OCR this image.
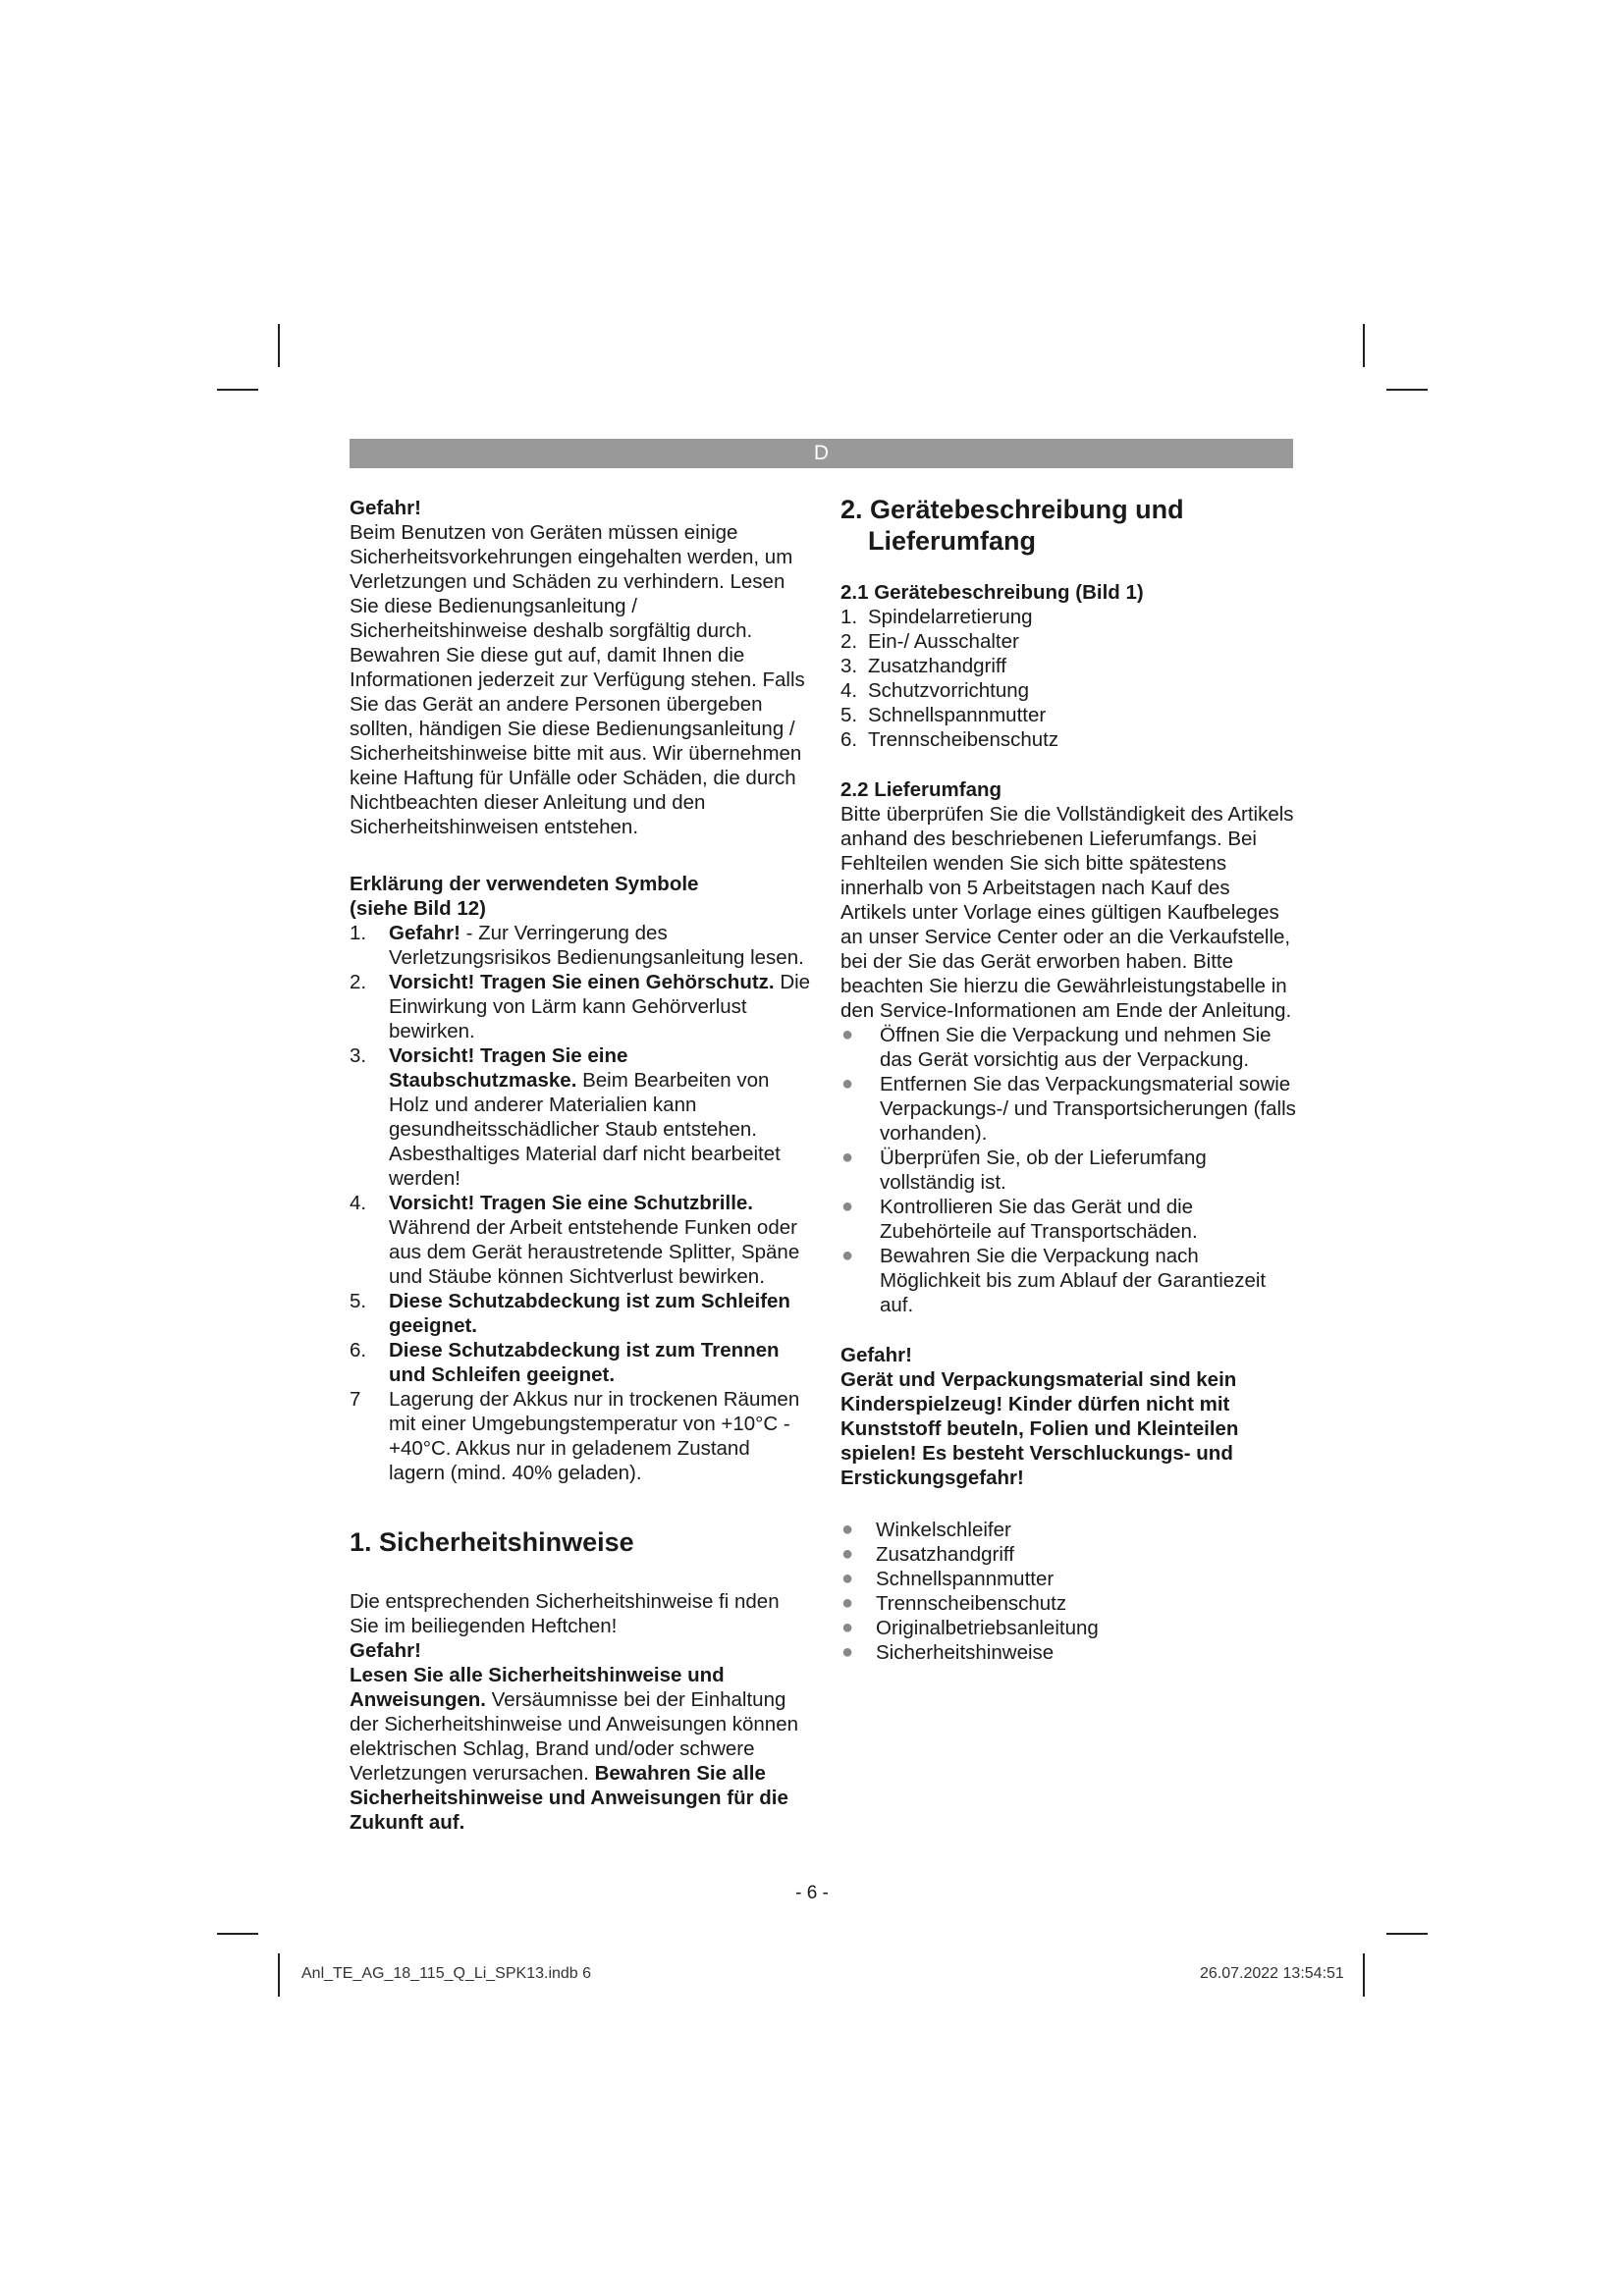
D

Gefahr!

Beim Benutzen von Geräten müssen einige Sicherheitsvorkehrungen eingehalten werden, um Verletzungen und Schäden zu verhindern. Lesen Sie diese Bedienungsanleitung / Sicherheitshinweise deshalb sorgfältig durch. Bewahren Sie diese gut auf, damit Ihnen die Informationen jederzeit zur Verfügung stehen. Falls Sie das Gerät an andere Personen übergeben sollten, händigen Sie diese Bedienungsanleitung / Sicherheitshinweise bitte mit aus. Wir übernehmen keine Haftung für Unfälle oder Schäden, die durch Nichtbeachten dieser Anleitung und den Sicherheitshinweisen entstehen.

Erklärung der verwendeten Symbole

(siehe Bild 12)

1. Gefahr! - Zur Verringerung des Verletzungsrisikos Bedienungsanleitung lesen.
2. Vorsicht! Tragen Sie einen Gehörschutz. Die Einwirkung von Lärm kann Gehörverlust bewirken.
3. Vorsicht! Tragen Sie eine Staubschutzmaske. Beim Bearbeiten von Holz und anderer Materialien kann gesundheitsschädlicher Staub entstehen. Asbesthaltiges Material darf nicht bearbeitet werden!
4. Vorsicht! Tragen Sie eine Schutzbrille. Während der Arbeit entstehende Funken oder aus dem Gerät heraustretende Splitter, Späne und Stäube können Sichtverlust bewirken.
5. Diese Schutzabdeckung ist zum Schleifen geeignet.
6. Diese Schutzabdeckung ist zum Trennen und Schleifen geeignet.
7 Lagerung der Akkus nur in trockenen Räumen mit einer Umgebungstemperatur von +10°C - +40°C. Akkus nur in geladenem Zustand lagern (mind. 40% geladen).
1. Sicherheitshinweise

Die entsprechenden Sicherheitshinweise fi nden Sie im beiliegenden Heftchen!

Gefahr!

Lesen Sie alle Sicherheitshinweise und Anweisungen. Versäumnisse bei der Einhaltung der Sicherheitshinweise und Anweisungen können elektrischen Schlag, Brand und/oder schwere Verletzungen verursachen. Bewahren Sie alle Sicherheitshinweise und Anweisungen für die Zukunft auf.

2. Gerätebeschreibung und
Lieferumfang

2.1 Gerätebeschreibung (Bild 1)

1. Spindelarretierung
2. Ein-/ Ausschalter
3. Zusatzhandgriff
4. Schutzvorrichtung
5. Schnellspannmutter
6. Trennscheibenschutz

2.2 Lieferumfang

Bitte überprüfen Sie die Vollständigkeit des Artikels anhand des beschriebenen Lieferumfangs. Bei Fehlteilen wenden Sie sich bitte spätestens innerhalb von 5 Arbeitstagen nach Kauf des Artikels unter Vorlage eines gültigen Kaufbeleges an unser Service Center oder an die Verkaufstelle, bei der Sie das Gerät erworben haben. Bitte beachten Sie hierzu die Gewährleistungstabelle in den Service-Informationen am Ende der Anleitung.

● Öffnen Sie die Verpackung und nehmen Sie das Gerät vorsichtig aus der Verpackung.
● Entfernen Sie das Verpackungsmaterial sowie Verpackungs-/ und Transportsicherungen (falls vorhanden).
● Überprüfen Sie, ob der Lieferumfang vollständig ist.
● Kontrollieren Sie das Gerät und die Zubehörteile auf Transportschäden.
● Bewahren Sie die Verpackung nach Möglichkeit bis zum Ablauf der Garantiezeit auf.

Gefahr!

Gerät und Verpackungsmaterial sind kein Kinderspielzeug! Kinder dürfen nicht mit Kunststoff beuteln, Folien und Kleinteilen spielen! Es besteht Verschluckungs- und Erstickungsgefahr!

● Winkelschleifer
● Zusatzhandgriff
● Schnellspannmutter
● Trennscheibenschutz
● Originalbetriebsanleitung
● Sicherheitshinweise
- 6 -
Anl_TE_AG_18_115_Q_Li_SPK13.indb 6	26.07.2022 13:54:51
